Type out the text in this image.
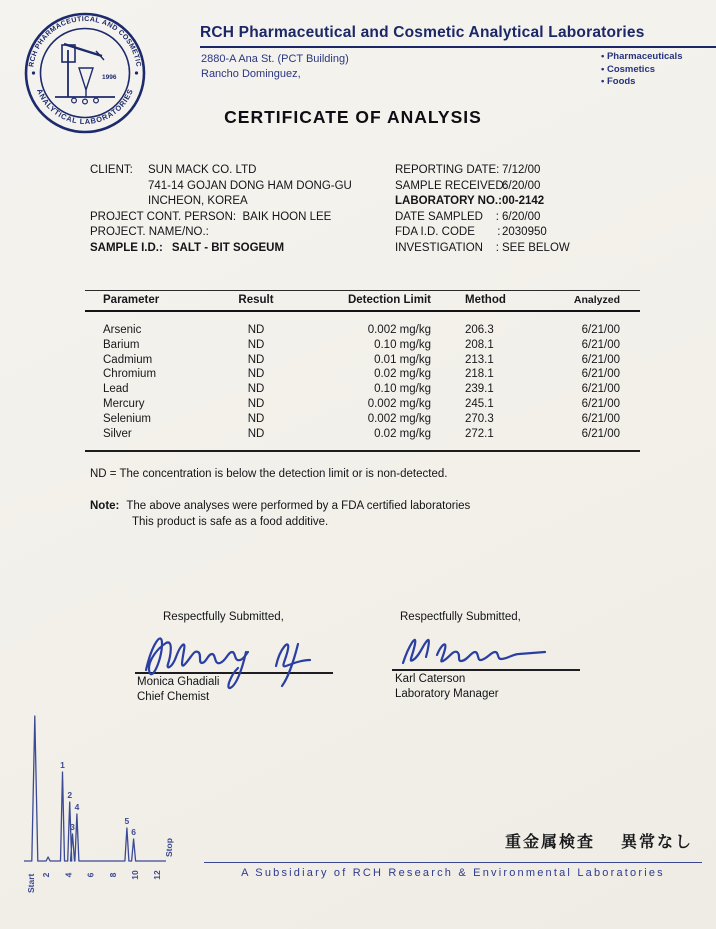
RCH PHARMACEUTICAL AND COSMETIC
ANALYTICAL LABORATORIES
1996
RCH Pharmaceutical and Cosmetic Analytical Laboratories
2880-A Ana St. (PCT Building)
Rancho Dominguez,
• Pharmaceuticals
• Cosmetics
• Foods
CERTIFICATE OF ANALYSIS
CLIENT: SUN MACK CO. LTD
741-14 GOJAN DONG HAM DONG-GU
INCHEON, KOREA
PROJECT CONT. PERSON:  BAIK HOON LEE
PROJECT. NAME/NO.:
SAMPLE I.D.: SALT - BIT SOGEUM
REPORTING DATE: 7/12/00
SAMPLE RECEIVED:6/20/00
LABORATORY NO.:00-2142
DATE SAMPLED    : 6/20/00
FDA I.D. CODE       : 2030950
INVESTIGATION    : SEE BELOW
Parameter	Result	Detection Limit	Method	Analyzed
Arsenic	ND	0.002 mg/kg	206.3	6/21/00
Barium	ND	0.10 mg/kg	208.1	6/21/00
Cadmium	ND	0.01 mg/kg	213.1	6/21/00
Chromium	ND	0.02 mg/kg	218.1	6/21/00
Lead	ND	0.10 mg/kg	239.1	6/21/00
Mercury	ND	0.002 mg/kg	245.1	6/21/00
Selenium	ND	0.002 mg/kg	270.3	6/21/00
Silver	ND	0.02 mg/kg	272.1	6/21/00
ND = The concentration is below the detection limit or is non-detected.
Note: The above analyses were performed by a FDA certified laboratories
This product is safe as a food additive.
Respectfully Submitted,	Respectfully Submitted,
Monica Ghadiali
Chief Chemist
Karl Caterson
Laboratory Manager
1
2
3
4
5
6
2 4 6 8 10 12
Start
Stop	重金属検査 異常なし
A Subsidiary of RCH Research & Environmental Laboratories
